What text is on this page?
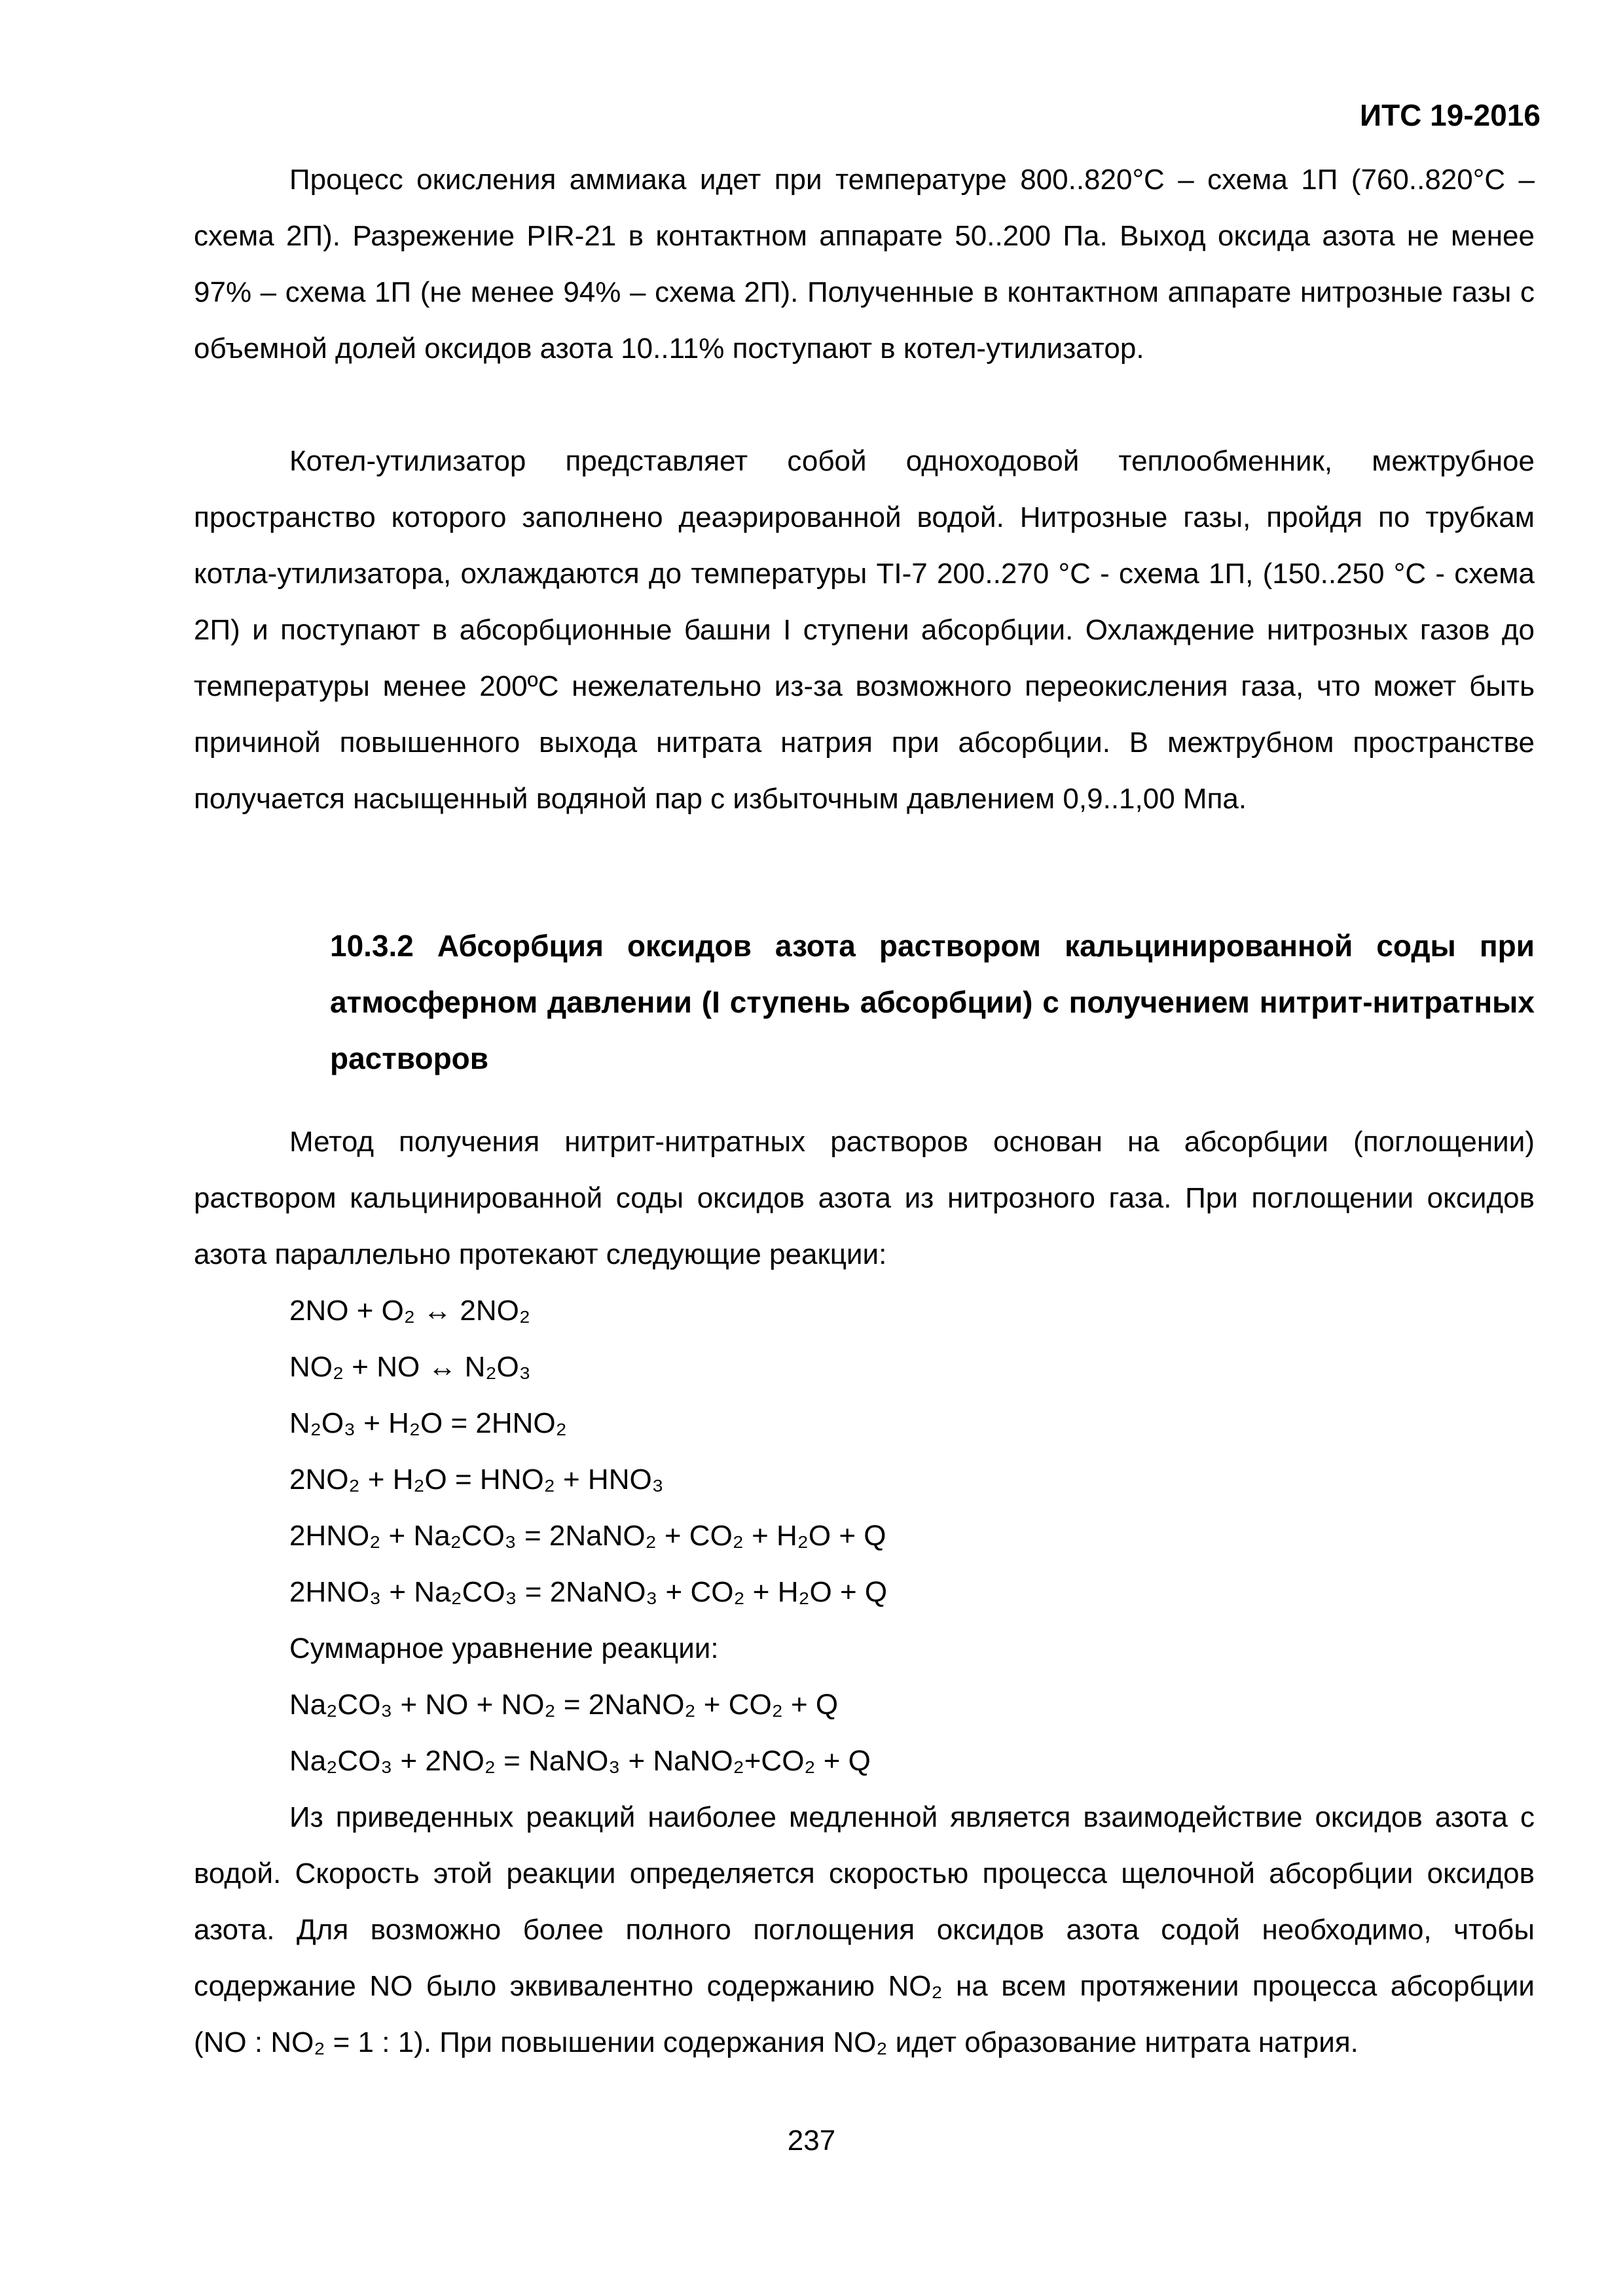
ИТС 19-2016

Процесс окисления аммиака идет при температуре 800..820°С – схема 1П (760..820°С – схема 2П). Разрежение PIR-21 в контактном аппарате 50..200 Па. Выход оксида азота не менее 97% – схема 1П (не менее 94% – схема 2П). Полученные в контактном аппарате нитрозные газы с объемной долей оксидов азота 10..11% поступают в котел-утилизатор.

Котел-утилизатор представляет собой одноходовой теплообменник, межтрубное пространство которого заполнено деаэрированной водой. Нитрозные газы, пройдя по трубкам котла-утилизатора, охлаждаются до температуры TI-7 200..270 °С - схема 1П, (150..250 °С - схема 2П) и поступают в абсорбционные башни I ступени абсорбции. Охлаждение нитрозных газов до температуры менее 200ºС нежелательно из-за возможного переокисления газа, что может быть причиной повышенного выхода нитрата натрия при абсорбции. В межтрубном пространстве получается насыщенный водяной пар с избыточным давлением 0,9..1,00 Мпа.

10.3.2 Абсорбция оксидов азота раствором кальцинированной соды при атмосферном давлении (I ступень абсорбции) с получением нитрит-нитратных растворов

Метод получения нитрит-нитратных растворов основан на абсорбции (поглощении) раствором кальцинированной соды оксидов азота из нитрозного газа. При поглощении оксидов азота параллельно протекают следующие реакции:

2NO + O₂ ↔ 2NO₂
NO₂ + NO ↔ N₂O₃
N₂O₃ + H₂O = 2HNO₂
2NO₂ + H₂O = HNO₂ + HNO₃
2HNO₂ + Na₂CO₃ = 2NaNO₂ + CO₂ + H₂O + Q
2HNO₃ + Na₂CO₃ = 2NaNO₃ + CO₂ + H₂O + Q
Суммарное уравнение реакции:
Na₂CO₃ + NO + NO₂ = 2NaNO₂ + CO₂ + Q
Na₂CO₃ + 2NO₂ = NaNO₃ + NaNO₂+CO₂ + Q

Из приведенных реакций наиболее медленной является взаимодействие оксидов азота с водой. Скорость этой реакции определяется скоростью процесса щелочной абсорбции оксидов азота. Для возможно более полного поглощения оксидов азота содой необходимо, чтобы содержание NO было эквивалентно содержанию NO₂ на всем протяжении процесса абсорбции (NO : NO₂ = 1 : 1). При повышении содержания NO₂ идет образование нитрата натрия.

237
